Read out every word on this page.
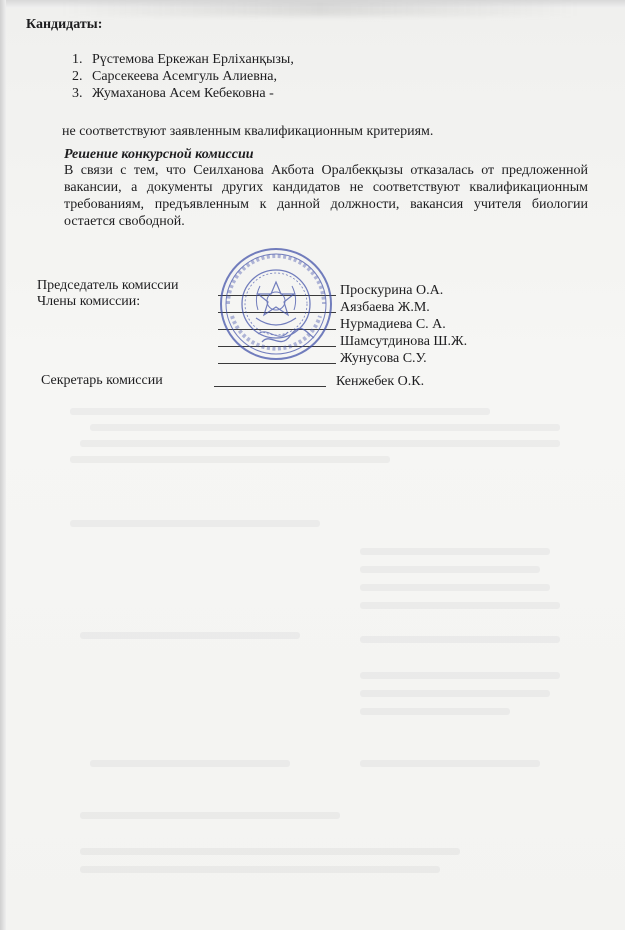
Кандидаты:
1. Рүстемова Еркежан Ерліханқызы,
2. Сарсекеева Асемгуль Алиевна,
3. Жумаханова Асем Кебековна -
не соответствуют заявленным квалификационным критериям.
Решение конкурсной комиссии
В связи с тем, что Сеилханова Акбота Оралбекқызы отказалась от предложенной вакансии, а документы других кандидатов не соответствуют квалификационным требованиям, предъявленным к данной должности, вакансия учителя биологии остается свободной.
Председатель комиссии
Члены комиссии:
Секретарь комиссии
Проскурина О.А.
Аязбаева Ж.М.
Нурмадиева С. А.
Шамсутдинова Ш.Ж.
Жунусова С.У.
Кенжебек О.К.
